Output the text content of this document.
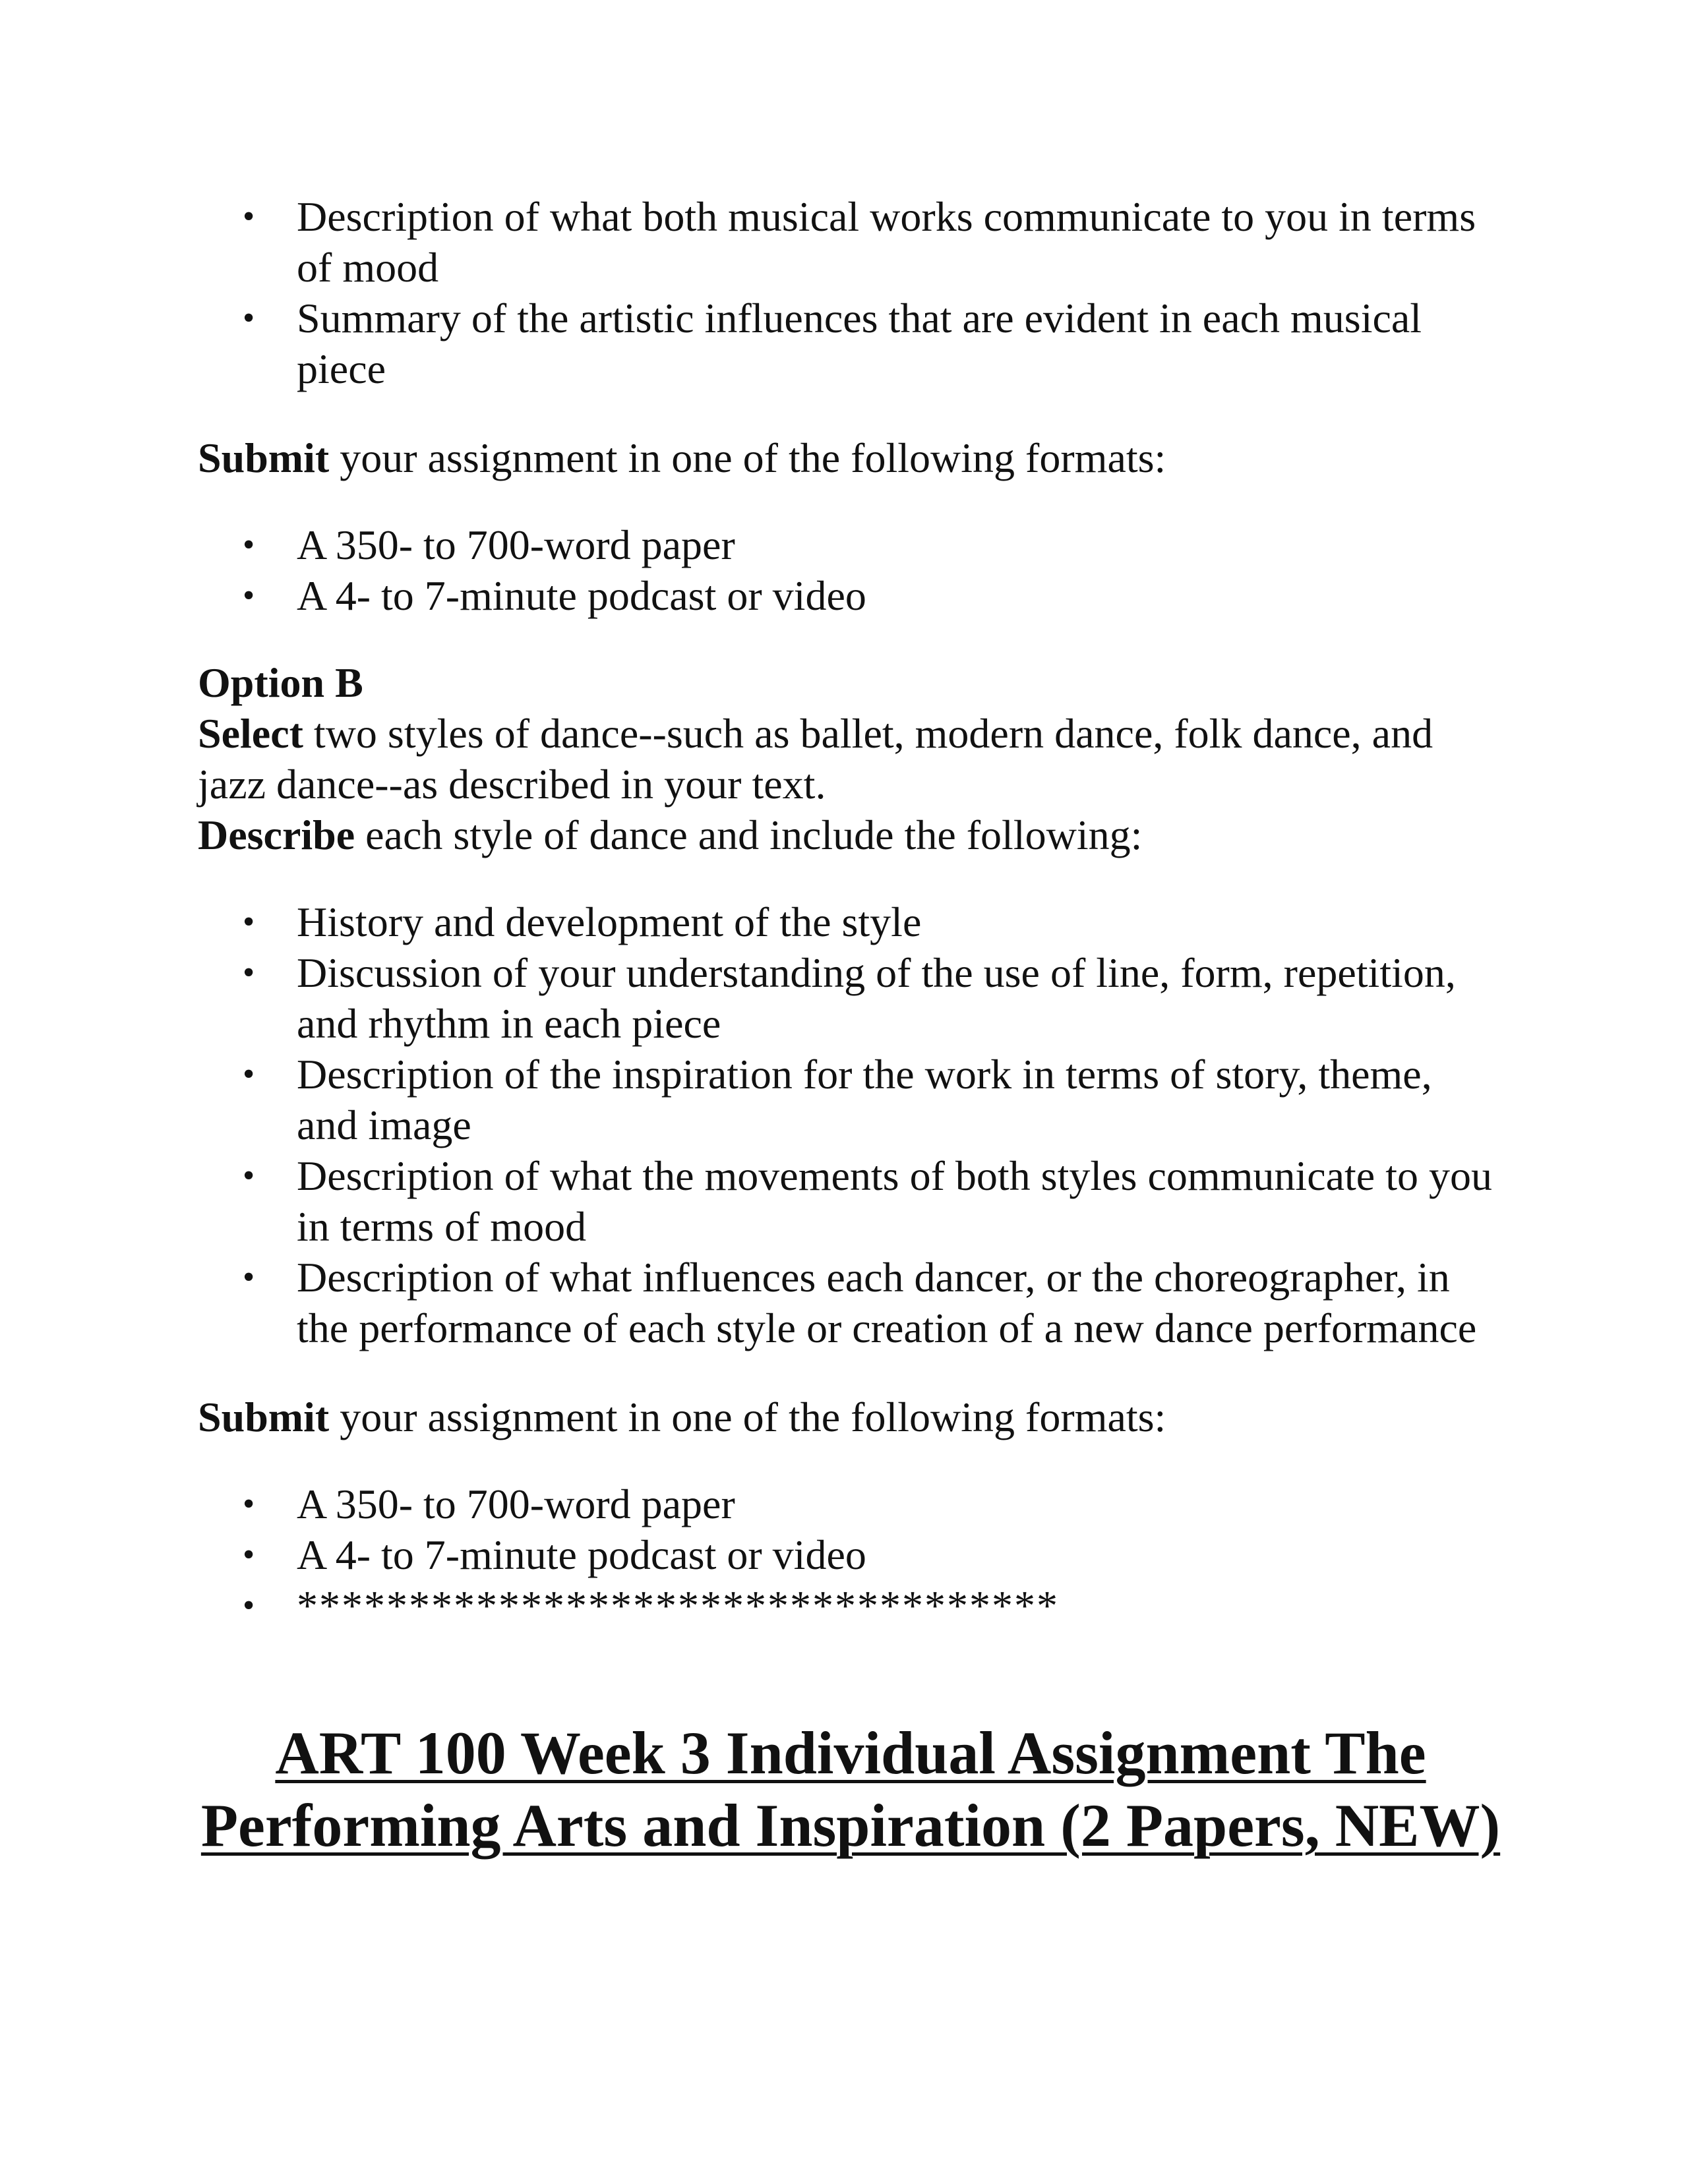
• Description of what both musical works communicate to you in terms of mood
• Summary of the artistic influences that are evident in each musical piece

Submit your assignment in one of the following formats:

• A 350- to 700-word paper
• A 4- to 7-minute podcast or video

Option B

Select two styles of dance--such as ballet, modern dance, folk dance, and jazz dance--as described in your text.

Describe each style of dance and include the following:

• History and development of the style
• Discussion of your understanding of the use of line, form, repetition, and rhythm in each piece
• Description of the inspiration for the work in terms of story, theme, and image
• Description of what the movements of both styles communicate to you in terms of mood
• Description of what influences each dancer, or the choreographer, in the performance of each style or creation of a new dance performance

Submit your assignment in one of the following formats:

• A 350- to 700-word paper
• A 4- to 7-minute podcast or video
• **********************************
ART 100 Week 3 Individual Assignment The Performing Arts and Inspiration (2 Papers, NEW)
